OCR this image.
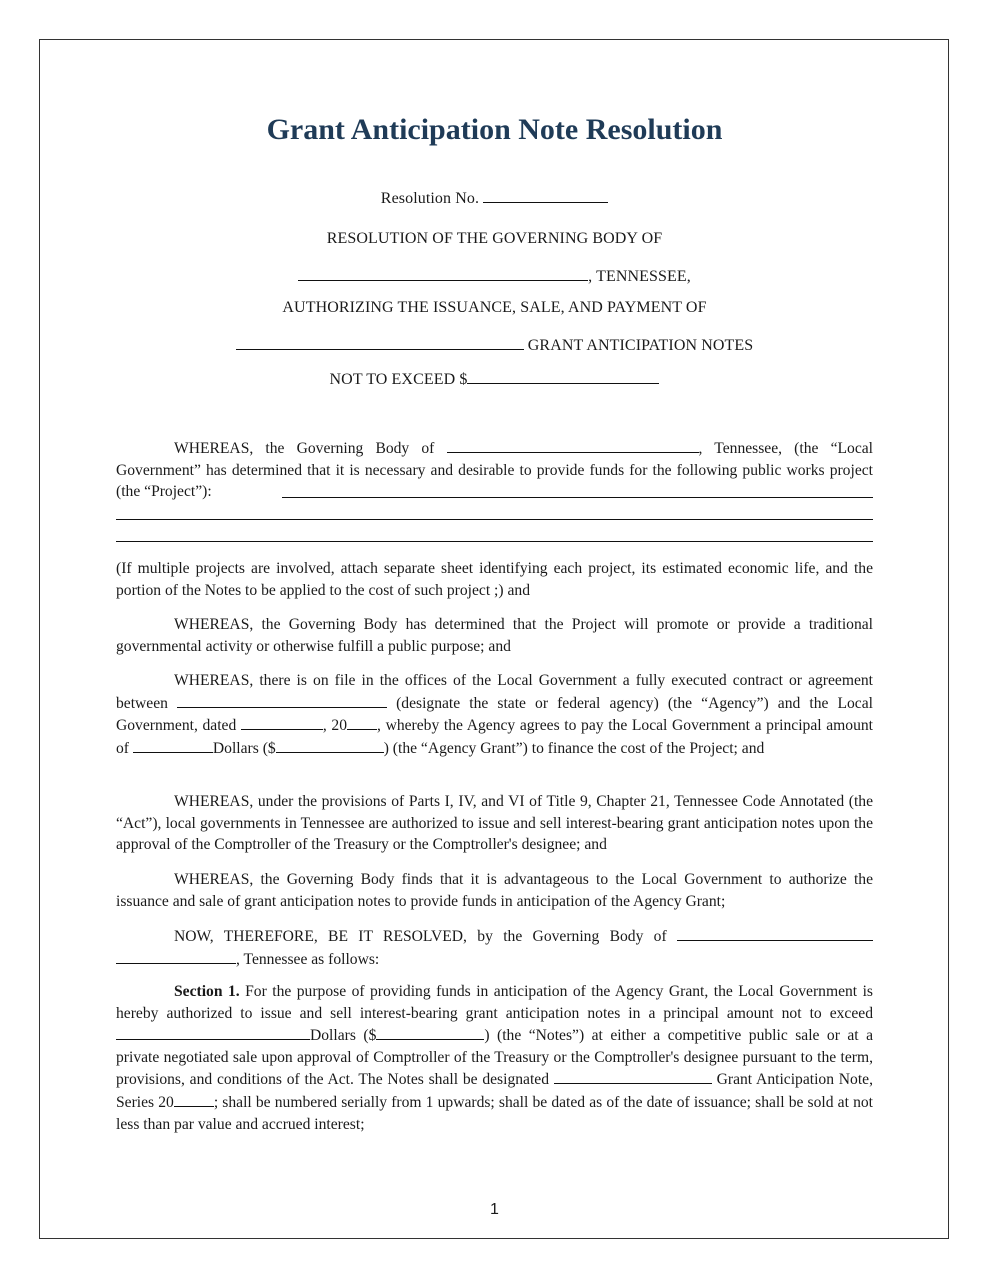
Grant Anticipation Note Resolution
Resolution No.
RESOLUTION OF THE GOVERNING BODY OF
, TENNESSEE,
AUTHORIZING THE ISSUANCE, SALE, AND PAYMENT OF
GRANT ANTICIPATION NOTES
NOT TO EXCEED $
WHEREAS, the Governing Body of	, Tennessee, (the “Local Government” has determined that it is necessary and desirable to provide funds for the following public works project (the “Project”):
(If multiple projects are involved, attach separate sheet identifying each project, its estimated economic life, and the portion of the Notes to be applied to the cost of such project ;) and
WHEREAS, the Governing Body has determined that the Project will promote or provide a traditional governmental activity or otherwise fulfill a public purpose; and
WHEREAS, there is on file in the offices of the Local Government a fully executed contract or agreement between	(designate the state or federal agency) (the “Agency”) and the Local Government, dated	, 20 , whereby the Agency agrees to pay the Local Government a principal amount of	Dollars ($	) (the “Agency Grant”) to finance the cost of the Project; and
WHEREAS, under the provisions of Parts I, IV, and VI of Title 9, Chapter 21, Tennessee Code Annotated (the “Act”), local governments in Tennessee are authorized to issue and sell interest-bearing grant anticipation notes upon the approval of the Comptroller of the Treasury or the Comptroller's designee; and
WHEREAS, the Governing Body finds that it is advantageous to the Local Government to authorize the issuance and sale of grant anticipation notes to provide funds in anticipation of the Agency Grant;
NOW, THEREFORE, BE IT RESOLVED, by the Governing Body of  , Tennessee as follows:
Section 1. For the purpose of providing funds in anticipation of the Agency Grant, the Local Government is hereby authorized to issue and sell interest-bearing grant anticipation notes in a principal amount not to exceed Dollars ($	) (the “Notes”) at either a competitive public sale or at a private negotiated sale upon approval of Comptroller of the Treasury or the Comptroller's designee pursuant to the term, provisions, and conditions of the Act. The Notes shall be designated	Grant Anticipation Note, Series 20	; shall be numbered serially from 1 upwards; shall be dated as of the date of issuance; shall be sold at not less than par value and accrued interest;
1
